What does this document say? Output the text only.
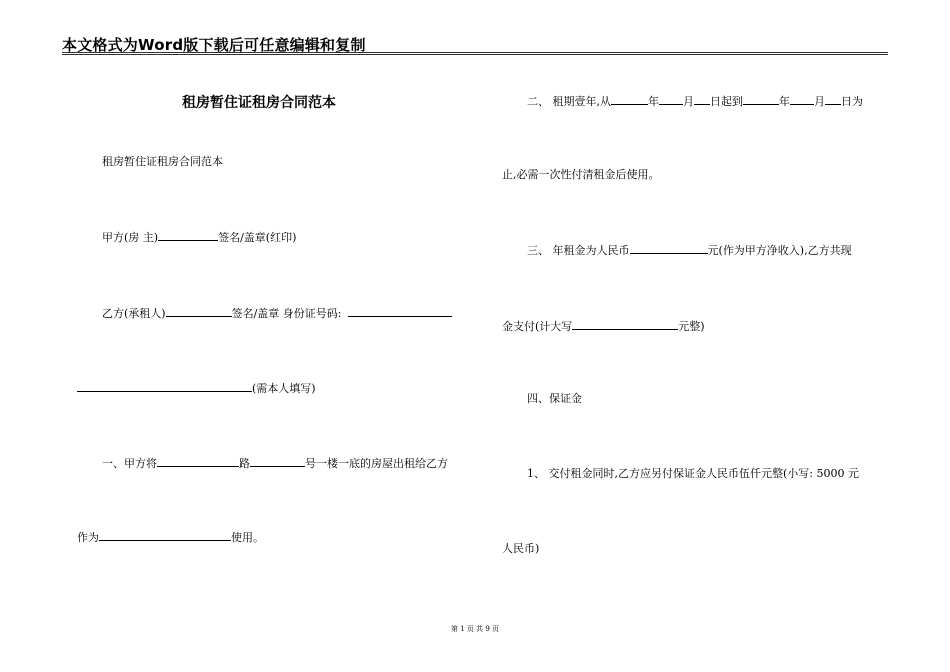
本文格式为Word版下载后可任意编辑和复制
租房暂住证租房合同范本
租房暂住证租房合同范本
甲方(房 主)	签名/盖章(红印)
乙方(承租人)	签名/盖章 身份证号码:
(需本人填写)
一、甲方将	路	号一楼一底的房屋出租给乙方
作为	使用。
二、 租期壹年,从	年 月 日起到	年 月 日为
止,必需一次性付清租金后使用。
三、 年租金为人民币	元(作为甲方净收入),乙方共现
金支付(计大写	元整)
四、保证金
1、 交付租金同时,乙方应另付保证金人民币伍仟元整(小写: 5000 元
人民币)
第 1 页 共 9 页
